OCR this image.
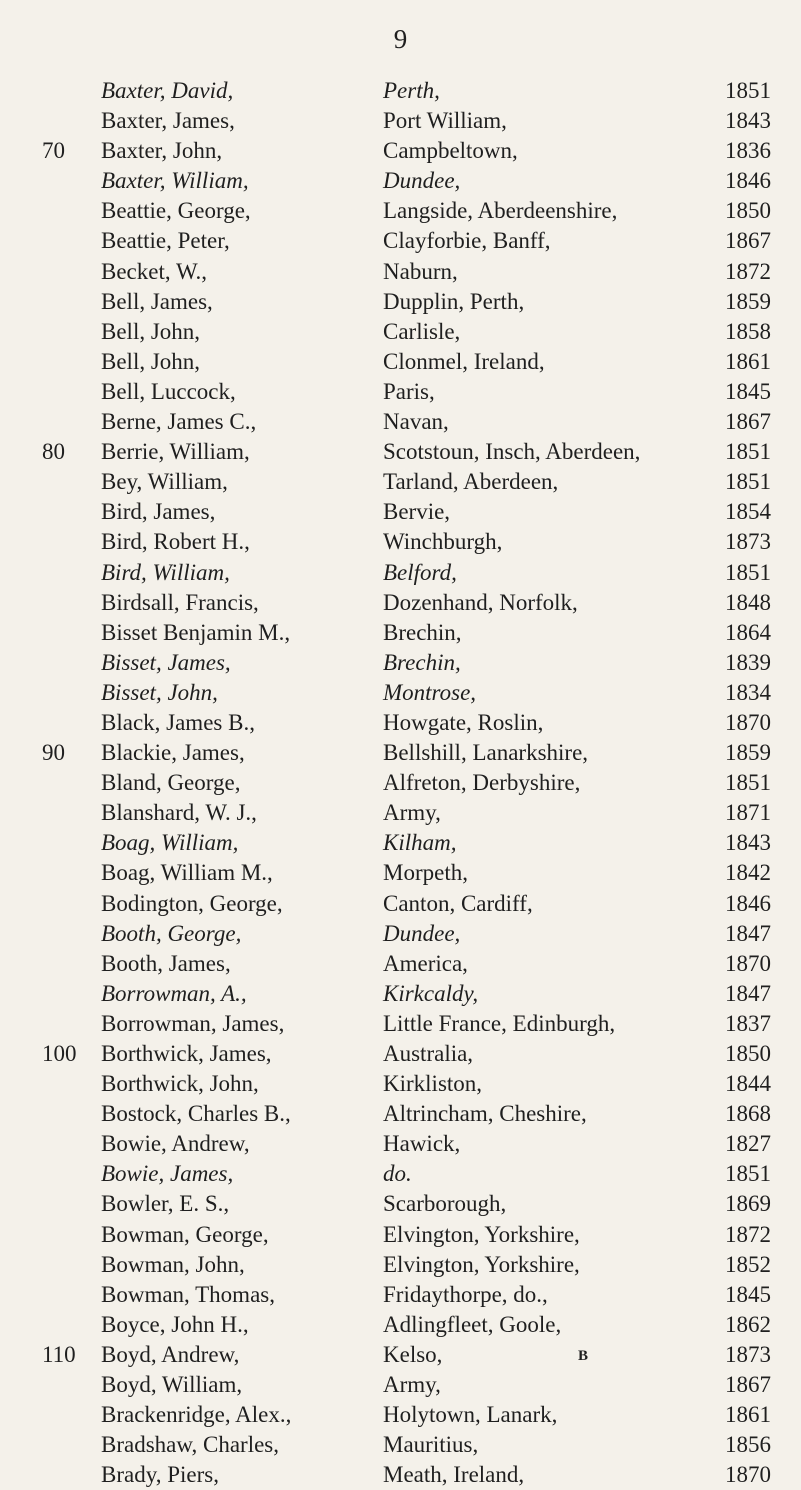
9
Baxter, David,	Perth,	1851
Baxter, James,	Port William,	1843
70	Baxter, John,	Campbeltown,	1836
Baxter, William,	Dundee,	1846
Beattie, George,	Langside, Aberdeenshire,	1850
Beattie, Peter,	Clayforbie, Banff,	1867
Becket, W.,	Naburn,	1872
Bell, James,	Dupplin, Perth,	1859
Bell, John,	Carlisle,	1858
Bell, John,	Clonmel, Ireland,	1861
Bell, Luccock,	Paris,	1845
Berne, James C.,	Navan,	1867
80	Berrie, William,	Scotstoun, Insch, Aberdeen,	1851
Bey, William,	Tarland, Aberdeen,	1851
Bird, James,	Bervie,	1854
Bird, Robert H.,	Winchburgh,	1873
Bird, William,	Belford,	1851
Birdsall, Francis,	Dozenhand, Norfolk,	1848
Bisset Benjamin M.,	Brechin,	1864
Bisset, James,	Brechin,	1839
Bisset, John,	Montrose,	1834
Black, James B.,	Howgate, Roslin,	1870
90	Blackie, James,	Bellshill, Lanarkshire,	1859
Bland, George,	Alfreton, Derbyshire,	1851
Blanshard, W. J.,	Army,	1871
Boag, William,	Kilham,	1843
Boag, William M.,	Morpeth,	1842
Bodington, George,	Canton, Cardiff,	1846
Booth, George,	Dundee,	1847
Booth, James,	America,	1870
Borrowman, A.,	Kirkcaldy,	1847
Borrowman, James,	Little France, Edinburgh,	1837
100	Borthwick, James,	Australia,	1850
Borthwick, John,	Kirkliston,	1844
Bostock, Charles B.,	Altrincham, Cheshire,	1868
Bowie, Andrew,	Hawick,	1827
Bowie, James,	do.	1851
Bowler, E. S.,	Scarborough,	1869
Bowman, George,	Elvington, Yorkshire,	1872
Bowman, John,	Elvington, Yorkshire,	1852
Bowman, Thomas,	Fridaythorpe, do.,	1845
Boyce, John H.,	Adlingfleet, Goole,	1862
110	Boyd, Andrew,	Kelso,	1873
Boyd, William,	Army,	1867
Brackenridge, Alex.,	Holytown, Lanark,	1861
Bradshaw, Charles,	Mauritius,	1856
Brady, Piers,	Meath, Ireland,	1870
B
